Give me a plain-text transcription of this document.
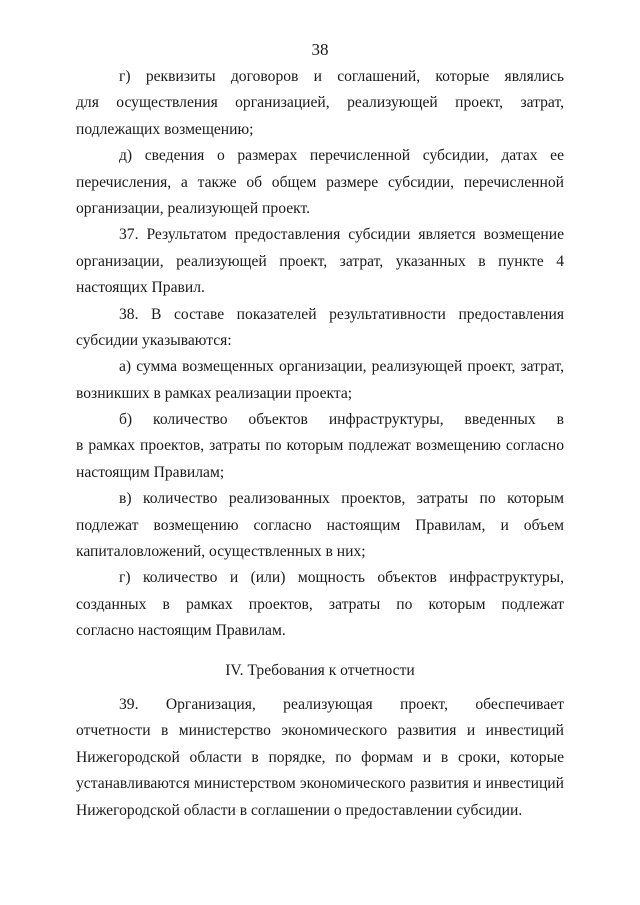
38
г) реквизиты договоров и соглашений, которые являлись
для осуществления организацией, реализующей проект, затрат,
подлежащих возмещению;
д) сведения о размерах перечисленной субсидии, датах ее
перечисления, а также об общем размере субсидии, перечисленной
организации, реализующей проект.
37. Результатом предоставления субсидии является возмещение
организации, реализующей проект, затрат, указанных в пункте 4
настоящих Правил.
38. В составе показателей результативности предоставления
субсидии указываются:
а) сумма возмещенных организации, реализующей проект, затрат,
возникших в рамках реализации проекта;
б) количество объектов инфраструктуры, введенных в
в рамках проектов, затраты по которым подлежат возмещению согласно
настоящим Правилам;
в) количество реализованных проектов, затраты по которым
подлежат возмещению согласно настоящим Правилам, и объем
капиталовложений, осуществленных в них;
г) количество и (или) мощность объектов инфраструктуры,
созданных в рамках проектов, затраты по которым подлежат
согласно настоящим Правилам.
IV. Требования к отчетности
39. Организация, реализующая проект, обеспечивает
отчетности в министерство экономического развития и инвестиций
Нижегородской области в порядке, по формам и в сроки, которые
устанавливаются министерством экономического развития и инвестиций
Нижегородской области в соглашении о предоставлении субсидии.
